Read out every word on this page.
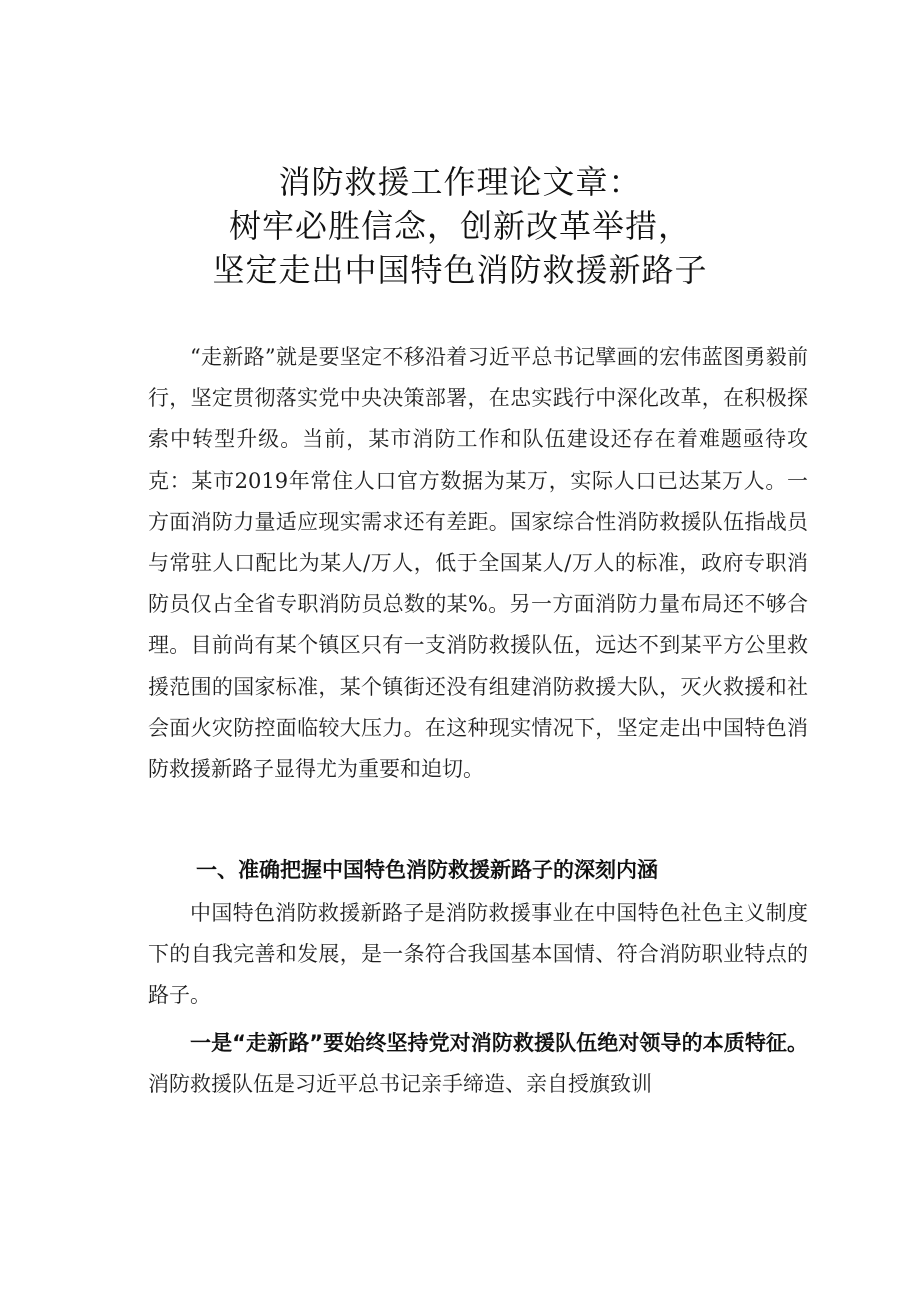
消防救援工作理论文章：
树牢必胜信念，创新改革举措，
坚定走出中国特色消防救援新路子
“走新路”就是要坚定不移沿着习近平总书记擘画的宏伟蓝图勇毅前行，坚定贯彻落实党中央决策部署，在忠实践行中深化改革，在积极探索中转型升级。当前，某市消防工作和队伍建设还存在着难题亟待攻克：某市2019年常住人口官方数据为某万，实际人口已达某万人。一方面消防力量适应现实需求还有差距。国家综合性消防救援队伍指战员与常驻人口配比为某人/万人，低于全国某人/万人的标准，政府专职消防员仅占全省专职消防员总数的某%。另一方面消防力量布局还不够合理。目前尚有某个镇区只有一支消防救援队伍，远达不到某平方公里救援范围的国家标准，某个镇街还没有组建消防救援大队，灭火救援和社会面火灾防控面临较大压力。在这种现实情况下，坚定走出中国特色消防救援新路子显得尤为重要和迫切。
一、准确把握中国特色消防救援新路子的深刻内涵
中国特色消防救援新路子是消防救援事业在中国特色社色主义制度下的自我完善和发展，是一条符合我国基本国情、符合消防职业特点的路子。
一是“走新路”要始终坚持党对消防救援队伍绝对领导的本质特征。消防救援队伍是习近平总书记亲手缔造、亲自授旗致训
